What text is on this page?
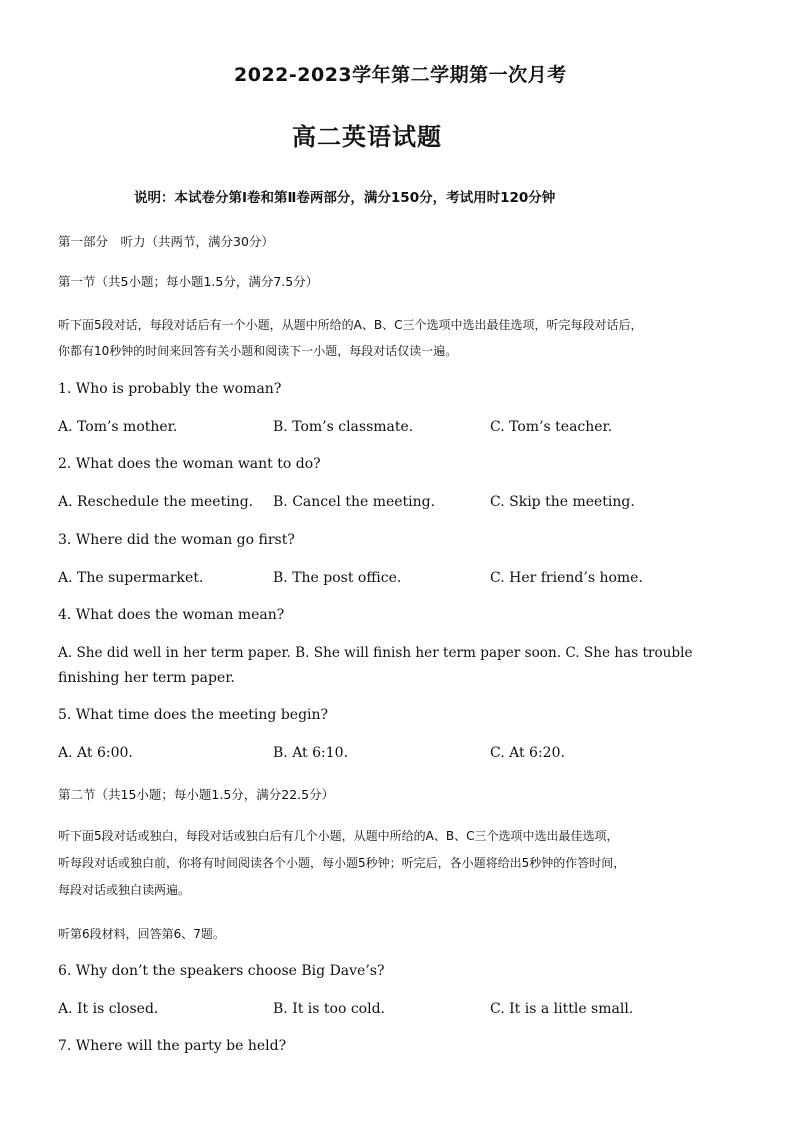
2022-2023学年第二学期第一次月考
高二英语试题
说明：本试卷分第Ⅰ卷和第Ⅱ卷两部分，满分150分，考试用时120分钟
第一部分　听力（共两节，满分30分）
第一节（共5小题；每小题1.5分，满分7.5分）
听下面5段对话，每段对话后有一个小题，从题中所给的A、B、C三个选项中选出最佳选项，听完每段对话后，
你都有10秒钟的时间来回答有关小题和阅读下一小题，每段对话仅读一遍。
1. Who is probably the woman?
A. Tom’s mother.	B. Tom’s classmate.	C. Tom’s teacher.
2. What does the woman want to do?
A. Reschedule the meeting. B. Cancel the meeting.	C. Skip the meeting.
3. Where did the woman go first?
A. The supermarket.	B. The post office.	C. Her friend’s home.
4. What does the woman mean?
A. She did well in her term paper. B. She will finish her term paper soon. C. She has trouble
finishing her term paper.
5. What time does the meeting begin?
A. At 6:00.	B. At 6:10.	C. At 6:20.
第二节（共15小题；每小题1.5分，满分22.5分）
听下面5段对话或独白，每段对话或独白后有几个小题，从题中所给的A、B、C三个选项中选出最佳选项，
听每段对话或独白前，你将有时间阅读各个小题，每小题5秒钟；听完后，各小题将给出5秒钟的作答时间，
每段对话或独白读两遍。
听第6段材料，回答第6、7题。
6. Why don’t the speakers choose Big Dave’s?
A. It is closed.	B. It is too cold.	C. It is a little small.
7. Where will the party be held?
